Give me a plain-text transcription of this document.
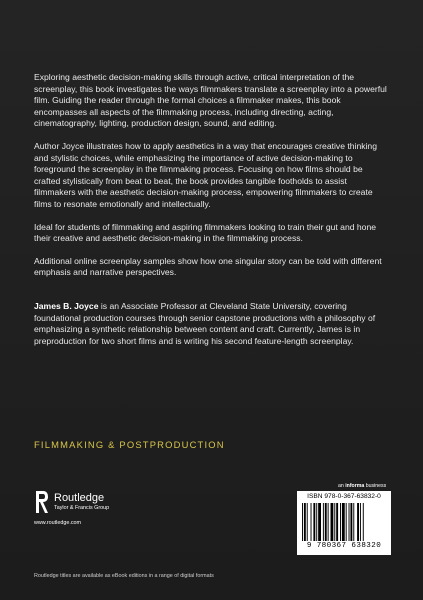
Exploring aesthetic decision-making skills through active, critical interpretation of the screenplay, this book investigates the ways filmmakers translate a screenplay into a powerful film. Guiding the reader through the formal choices a filmmaker makes, this book encompasses all aspects of the filmmaking process, including directing, acting, cinematography, lighting, production design, sound, and editing.

Author Joyce illustrates how to apply aesthetics in a way that encourages creative thinking and stylistic choices, while emphasizing the importance of active decision-making to foreground the screenplay in the filmmaking process. Focusing on how films should be crafted stylistically from beat to beat, the book provides tangible footholds to assist filmmakers with the aesthetic decision-making process, empowering filmmakers to create films to resonate emotionally and intellectually.

Ideal for students of filmmaking and aspiring filmmakers looking to train their gut and hone their creative and aesthetic decision-making in the filmmaking process.

Additional online screenplay samples show how one singular story can be told with different emphasis and narrative perspectives.

James B. Joyce is an Associate Professor at Cleveland State University, covering foundational production courses through senior capstone productions with a philosophy of emphasizing a synthetic relationship between content and craft. Currently, James is in preproduction for two short films and is writing his second feature-length screenplay.

FILMMAKING & POSTPRODUCTION
an informa business
Routledge
Taylor & Francis Group
www.routledge.com
ISBN 978-0-367-63832-0
9 780367 638320
Routledge titles are available as eBook editions in a range of digital formats
